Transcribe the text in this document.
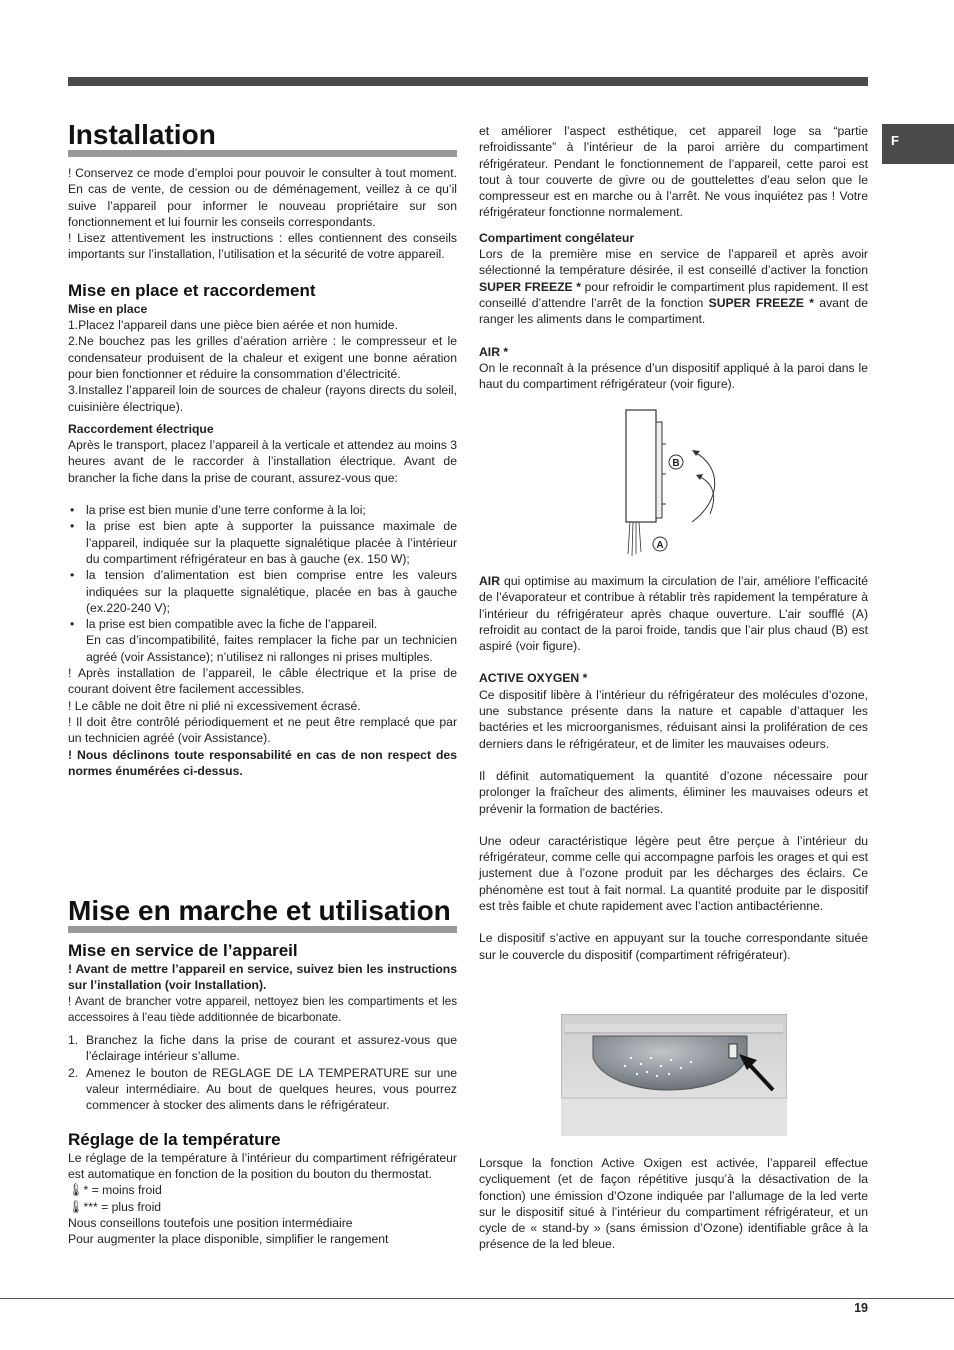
F
Installation

! Conservez ce mode d’emploi pour pouvoir le consulter à tout moment. En cas de vente, de cession ou de déménagement, veillez à ce qu’il suive l’appareil pour informer le nouveau propriétaire sur son fonctionnement et lui fournir les conseils correspondants.

! Lisez attentivement les instructions : elles contiennent des conseils importants sur l’installation, l’utilisation et la sécurité de votre appareil.

Mise en place et raccordement
Mise en place

1.Placez l’appareil dans une pièce bien aérée et non humide.

2.Ne bouchez pas les grilles d’aération arrière : le compresseur et le condensateur produisent de la chaleur et exigent une bonne aération pour bien fonctionner et réduire la consommation d’électricité.

3.Installez l’appareil loin de sources de chaleur (rayons directs du soleil, cuisinière électrique).

Raccordement électrique

Après le transport, placez l’appareil à la verticale et attendez au moins 3 heures avant de le raccorder à l’installation électrique. Avant de brancher la fiche dans la prise de courant, assurez-vous que:

• la prise est bien munie d’une terre conforme à la loi;
• la prise est bien apte à supporter la puissance maximale de l’appareil, indiquée sur la plaquette signalétique placée à l’intérieur du compartiment réfrigérateur en bas à gauche (ex. 150 W);
• la tension d’alimentation est bien comprise entre les valeurs indiquées sur la plaquette signalétique, placée en bas à gauche (ex.220-240 V);
• la prise est bien compatible avec la fiche de l’appareil.
En cas d’incompatibilité, faites remplacer la fiche par un technicien agréé (voir Assistance); n’utilisez ni rallonges ni prises multiples.

! Après installation de l’appareil, le câble électrique et la prise de courant doivent être facilement accessibles.

! Le câble ne doit être ni plié ni excessivement écrasé.

! Il doit être contrôlé périodiquement et ne peut être remplacé que par un technicien agréé (voir Assistance).

! Nous déclinons toute responsabilité en cas de non respect des normes énumérées ci-dessus.

Mise en marche et utilisation
Mise en service de l’appareil

! Avant de mettre l’appareil en service, suivez bien les instructions sur l’installation (voir Installation).

! Avant de brancher votre appareil, nettoyez bien les compartiments et les accessoires à l’eau tiède additionnée de bicarbonate.

1. Branchez la fiche dans la prise de courant et assurez-vous que l’éclairage intérieur s’allume.
2. Amenez le bouton de REGLAGE DE LA TEMPERATURE sur une valeur intermédiaire. Au bout de quelques heures, vous pourrez commencer à stocker des aliments dans le réfrigérateur.
Réglage de la température

Le réglage de la température à l’intérieur du compartiment réfrigérateur est automatique en fonction de la position du bouton du thermostat.

🌡︎* = moins froid

🌡︎*** = plus froid

Nous conseillons toutefois une position intermédiaire

Pour augmenter la place disponible, simplifier le rangement

et améliorer l’aspect esthétique, cet appareil loge sa “partie refroidissante” à l’intérieur de la paroi arrière du compartiment réfrigérateur. Pendant le fonctionnement de l’appareil, cette paroi est tout à tour couverte de givre ou de gouttelettes d’eau selon que le compresseur est en marche ou à l’arrêt. Ne vous inquiétez pas ! Votre réfrigérateur fonctionne normalement.

Compartiment congélateur

Lors de la première mise en service de l’appareil et après avoir sélectionné la température désirée, il est conseillé d’activer la fonction SUPER FREEZE * pour refroidir le compartiment plus rapidement. Il est conseillé d’attendre l’arrêt de la fonction SUPER FREEZE * avant de ranger les aliments dans le compartiment.

AIR *

On le reconnaît à la présence d’un dispositif appliqué à la paroi dans le haut du compartiment réfrigérateur (voir figure).

B
A

AIR qui optimise au maximum la circulation de l’air, améliore l’efficacité de l’évaporateur et contribue à rétablir très rapidement la température à l’intérieur du réfrigérateur après chaque ouverture. L’air soufflé (A) refroidit au contact de la paroi froide, tandis que l’air plus chaud (B) est aspiré (voir figure).

ACTIVE OXYGEN *

Ce dispositif libère à l’intérieur du réfrigérateur des molécules d’ozone, une substance présente dans la nature et capable d’attaquer les bactéries et les microorganismes, réduisant ainsi la prolifération de ces derniers dans le réfrigérateur, et de limiter les mauvaises odeurs.

Il définit automatiquement la quantité d’ozone nécessaire pour prolonger la fraîcheur des aliments, éliminer les mauvaises odeurs et prévenir la formation de bactéries.

Une odeur caractéristique légère peut être perçue à l’intérieur du réfrigérateur, comme celle qui accompagne parfois les orages et qui est justement due à l’ozone produit par les décharges des éclairs. Ce phénomène est tout à fait normal. La quantité produite par le dispositif est très faible et chute rapidement avec l’action antibactérienne.

Le dispositif s’active en appuyant sur la touche correspondante située sur le couvercle du dispositif (compartiment réfrigérateur).

Lorsque la fonction Active Oxigen est activée, l’appareil effectue cycliquement (et de façon répétitive jusqu’à la désactivation de la fonction) une émission d’Ozone indiquée par l’allumage de la led verte sur le dispositif situé à l’intérieur du compartiment réfrigérateur, et un cycle de « stand-by » (sans émission d’Ozone) identifiable grâce à la présence de la led bleue.

19
